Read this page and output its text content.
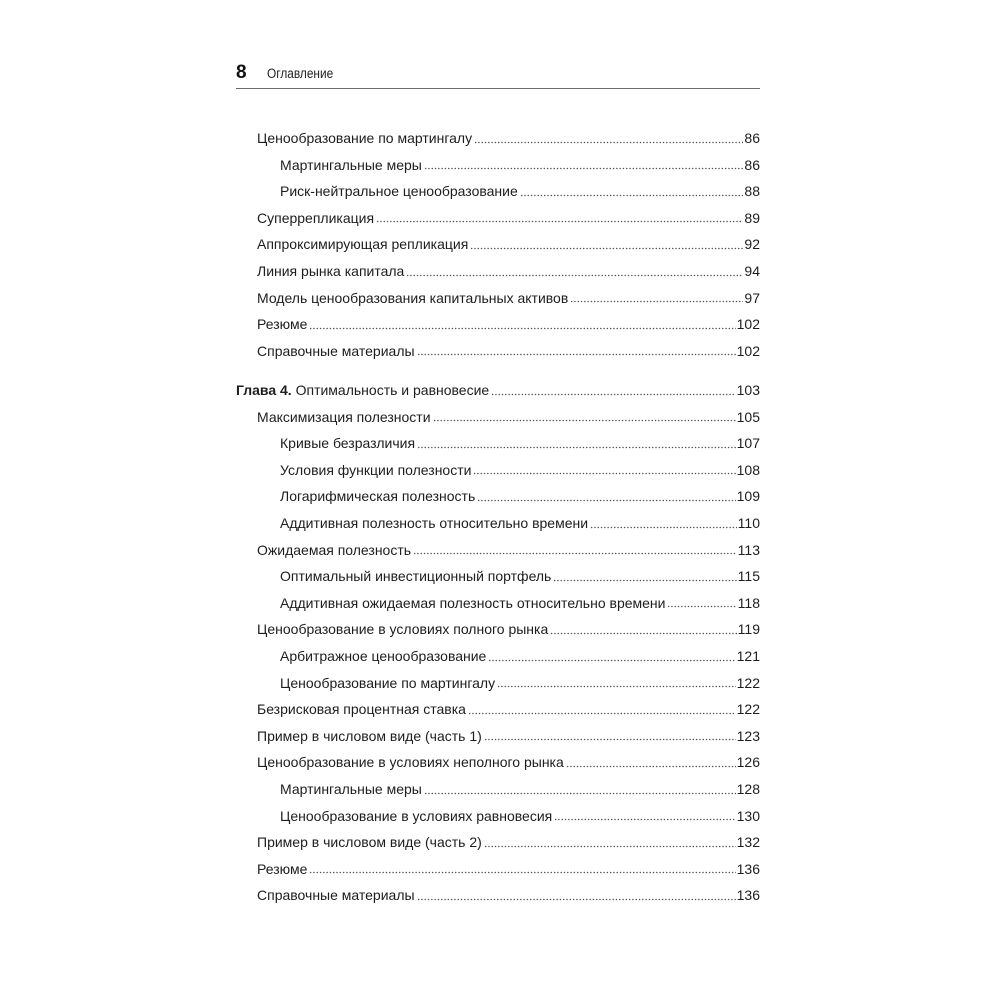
8	Оглавление
Ценообразование по мартингалу	86
Мартингальные меры	86
Риск-нейтральное ценообразование	88
Суперрепликация	89
Аппроксимирующая репликация	92
Линия рынка капитала	94
Модель ценообразования капитальных активов	97
Резюме	102
Справочные материалы	102
Глава 4. Оптимальность и равновесие	103
Максимизация полезности	105
Кривые безразличия	107
Условия функции полезности	108
Логарифмическая полезность	109
Аддитивная полезность относительно времени	110
Ожидаемая полезность	113
Оптимальный инвестиционный портфель	115
Аддитивная ожидаемая полезность относительно времени	118
Ценообразование в условиях полного рынка	119
Арбитражное ценообразование	121
Ценообразование по мартингалу	122
Безрисковая процентная ставка	122
Пример в числовом виде (часть 1)	123
Ценообразование в условиях неполного рынка	126
Мартингальные меры	128
Ценообразование в условиях равновесия	130
Пример в числовом виде (часть 2)	132
Резюме	136
Справочные материалы	136
